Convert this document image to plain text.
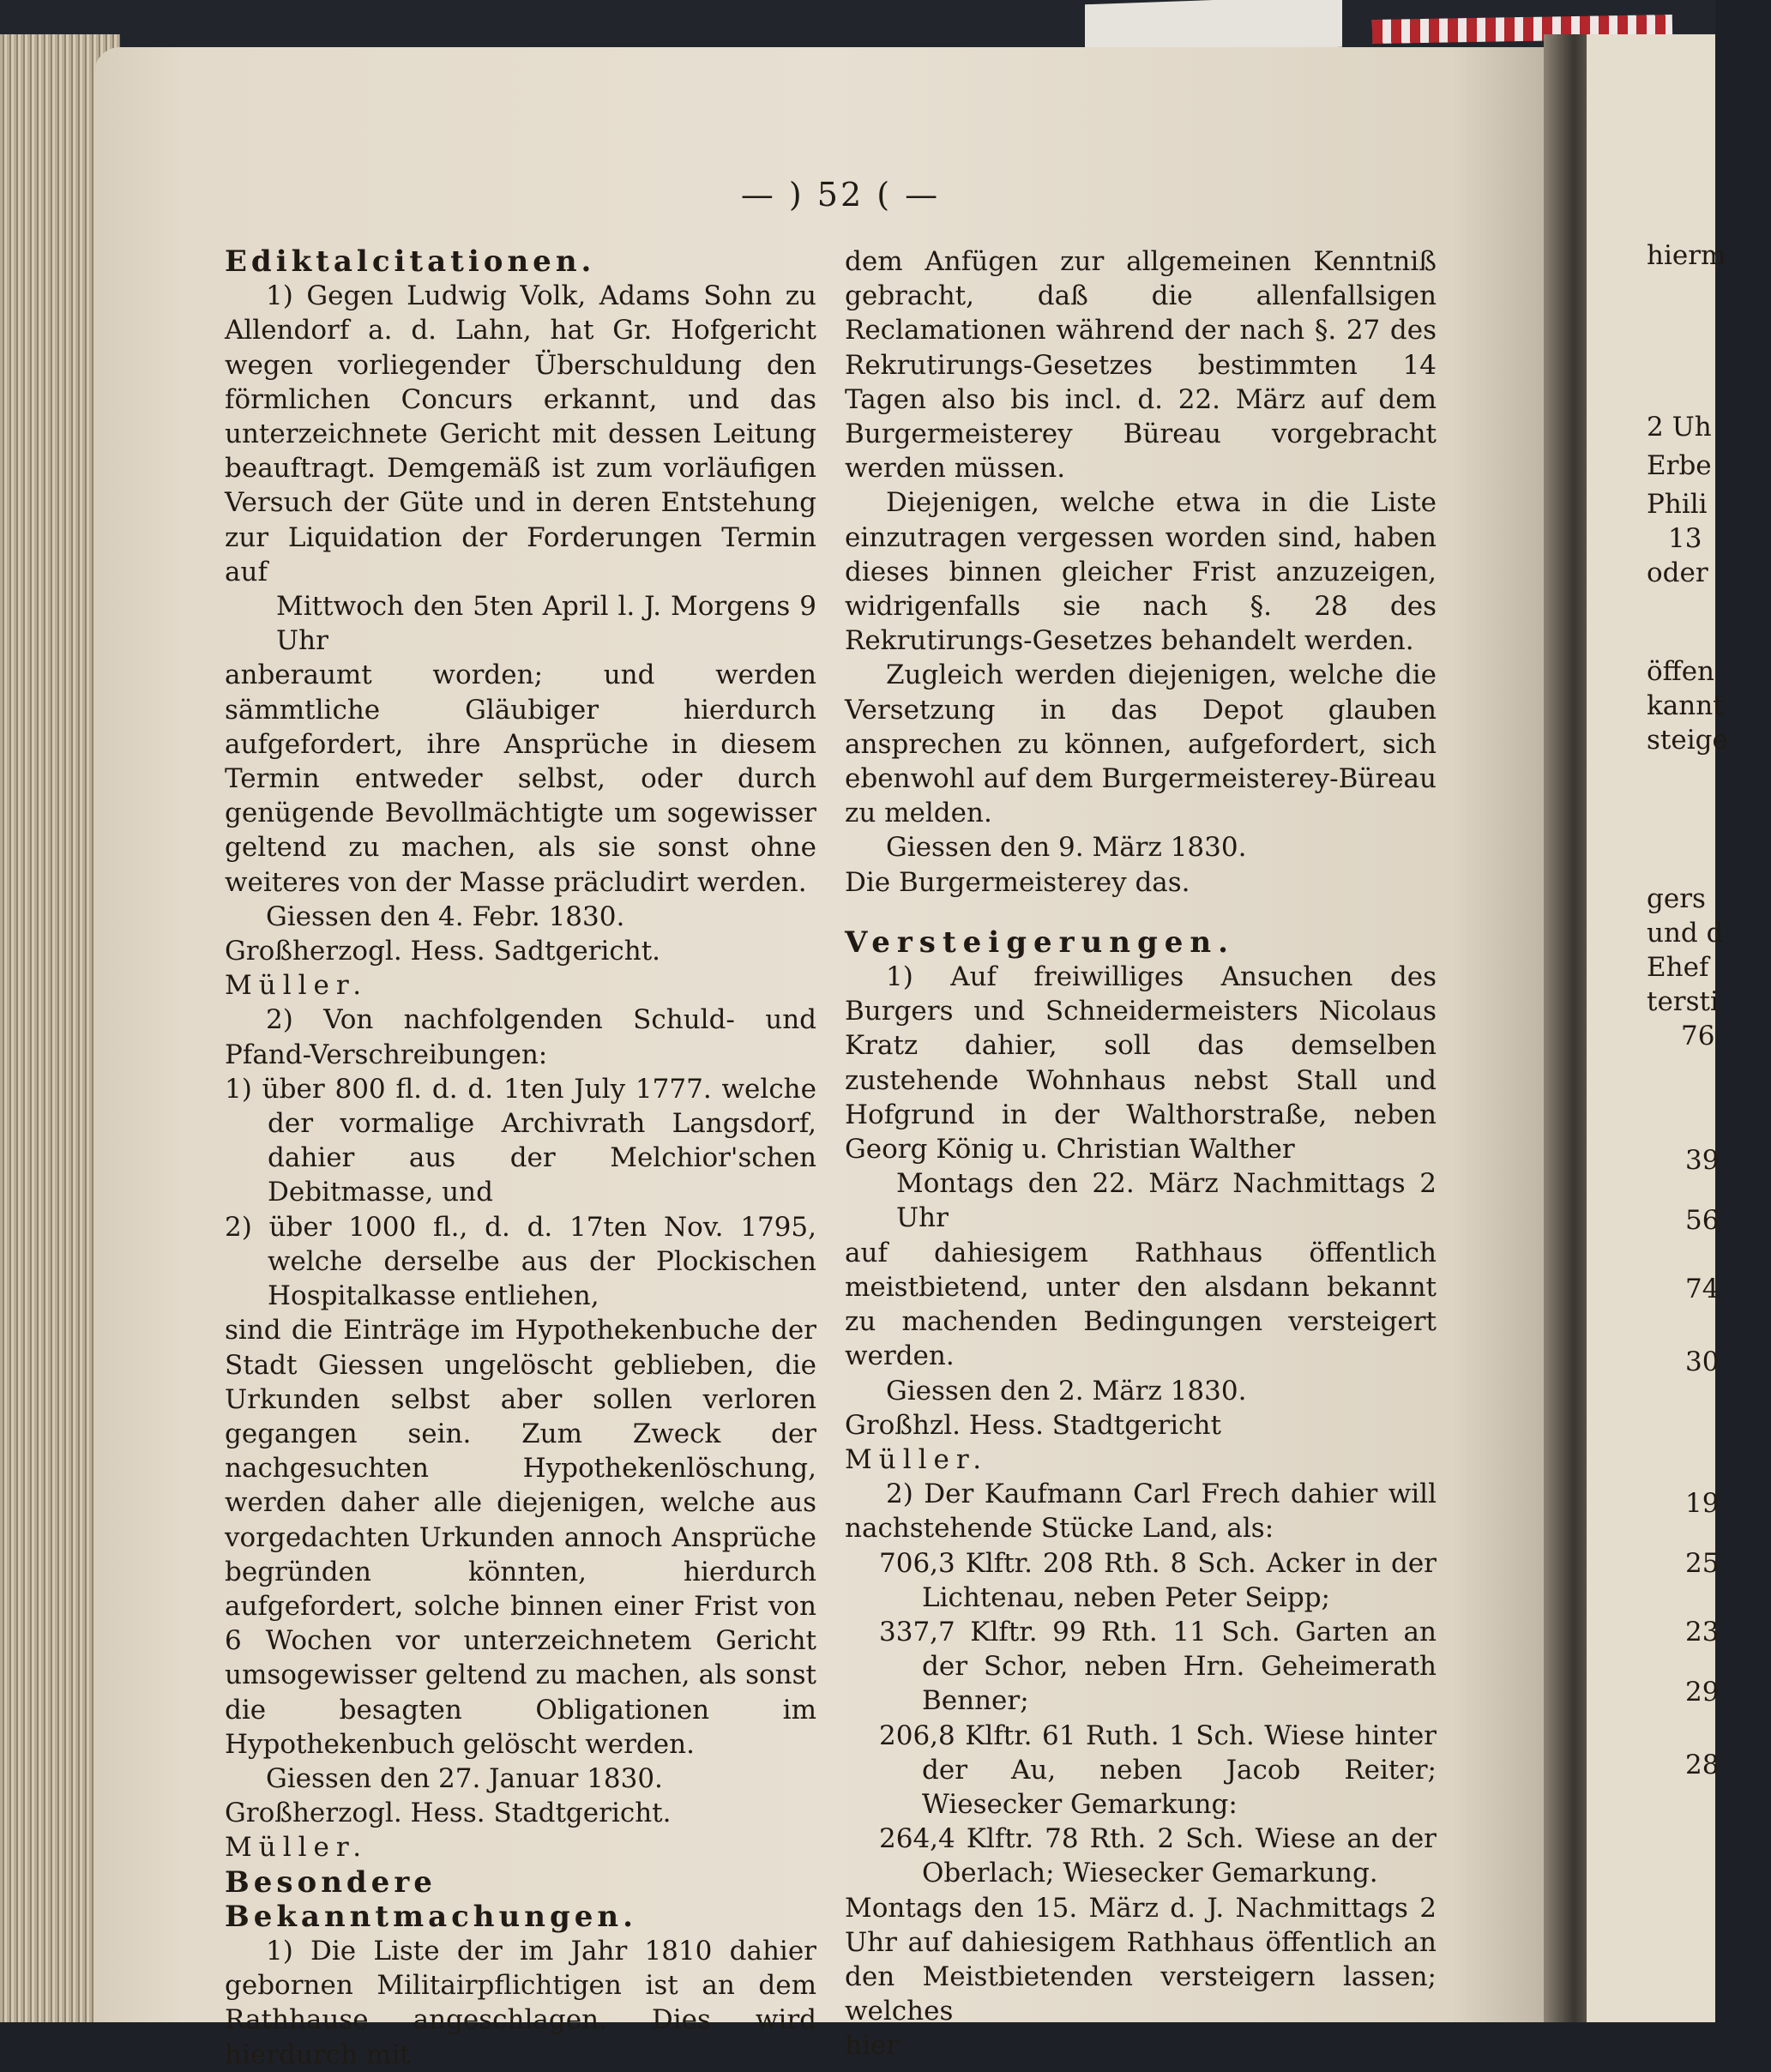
— ) 52 ( —

Ediktalcitationen.

1) Gegen Ludwig Volk, Adams Sohn zu Allendorf a. d. Lahn, hat Gr. Hofgericht wegen vorliegender Überschuldung den förmlichen Concurs erkannt, und das unterzeichnete Gericht mit dessen Leitung beauftragt. Demgemäß ist zum vorläufigen Versuch der Güte und in deren Entstehung zur Liquidation der Forderungen Termin auf

Mittwoch den 5ten April l. J. Morgens 9 Uhr

anberaumt worden; und werden sämmtliche Gläubiger hierdurch aufgefordert, ihre Ansprüche in diesem Termin entweder selbst, oder durch genügende Bevollmächtigte um sogewisser geltend zu machen, als sie sonst ohne weiteres von der Masse präcludirt werden.

Giessen den 4. Febr. 1830.

Großherzogl. Hess. Sadtgericht.

Müller.

2) Von nachfolgenden Schuld- und Pfand-Verschreibungen:

1) über 800 fl. d. d. 1ten July 1777. welche der vormalige Archivrath Langsdorf, dahier aus der Melchior'schen Debitmasse, und

2) über 1000 fl., d. d. 17ten Nov. 1795, welche derselbe aus der Plockischen Hospitalkasse entliehen,

sind die Einträge im Hypothekenbuche der Stadt Giessen ungelöscht geblieben, die Urkunden selbst aber sollen verloren gegangen sein. Zum Zweck der nachgesuchten Hypothekenlöschung, werden daher alle diejenigen, welche aus vorgedachten Urkunden annoch Ansprüche begründen könnten, hierdurch aufgefordert, solche binnen einer Frist von 6 Wochen vor unterzeichnetem Gericht umsogewisser geltend zu machen, als sonst die besagten Obligationen im Hypothekenbuch gelöscht werden.

Giessen den 27. Januar 1830.

Großherzogl. Hess. Stadtgericht.

Müller.

Besondere Bekanntmachungen.

1) Die Liste der im Jahr 1810 dahier gebornen Militairpflichtigen ist an dem Rathhause angeschlagen. Dies wird hierdurch mit

dem Anfügen zur allgemeinen Kenntniß gebracht, daß die allenfallsigen Reclamationen während der nach §. 27 des Rekrutirungs-Gesetzes bestimmten 14 Tagen also bis incl. d. 22. März auf dem Burgermeisterey Büreau vorgebracht werden müssen.

Diejenigen, welche etwa in die Liste einzutragen vergessen worden sind, haben dieses binnen gleicher Frist anzuzeigen, widrigenfalls sie nach §. 28 des Rekrutirungs-Gesetzes behandelt werden.

Zugleich werden diejenigen, welche die Versetzung in das Depot glauben ansprechen zu können, aufgefordert, sich ebenwohl auf dem Burgermeisterey-Büreau zu melden.

Giessen den 9. März 1830.

Die Burgermeisterey das.

Versteigerungen.

1) Auf freiwilliges Ansuchen des Burgers und Schneidermeisters Nicolaus Kratz dahier, soll das demselben zustehende Wohnhaus nebst Stall und Hofgrund in der Walthorstraße, neben Georg König u. Christian Walther

Montags den 22. März Nachmittags 2 Uhr

auf dahiesigem Rathhaus öffentlich meistbietend, unter den alsdann bekannt zu machenden Bedingungen versteigert werden.

Giessen den 2. März 1830.

Großhzl. Hess. Stadtgericht

Müller.

2) Der Kaufmann Carl Frech dahier will nachstehende Stücke Land, als:

706,3 Klftr. 208 Rth. 8 Sch. Acker in der Lichtenau, neben Peter Seipp;

337,7 Klftr. 99 Rth. 11 Sch. Garten an der Schor, neben Hrn. Geheimerath Benner;

206,8 Klftr. 61 Ruth. 1 Sch. Wiese hinter der Au, neben Jacob Reiter; Wiesecker Gemarkung:

264,4 Klftr. 78 Rth. 2 Sch. Wiese an der Oberlach; Wiesecker Gemarkung.

Montags den 15. März d. J. Nachmittags 2 Uhr auf dahiesigem Rathhaus öffentlich an den Meistbietenden versteigern lassen; welches

hier

hierm
2 Uh
Erbe
Phili
13
oder
öffen
kannt
steige
gers
und d
Ehef
tersti
76
39
56
74
30
19
25
23
29
28
